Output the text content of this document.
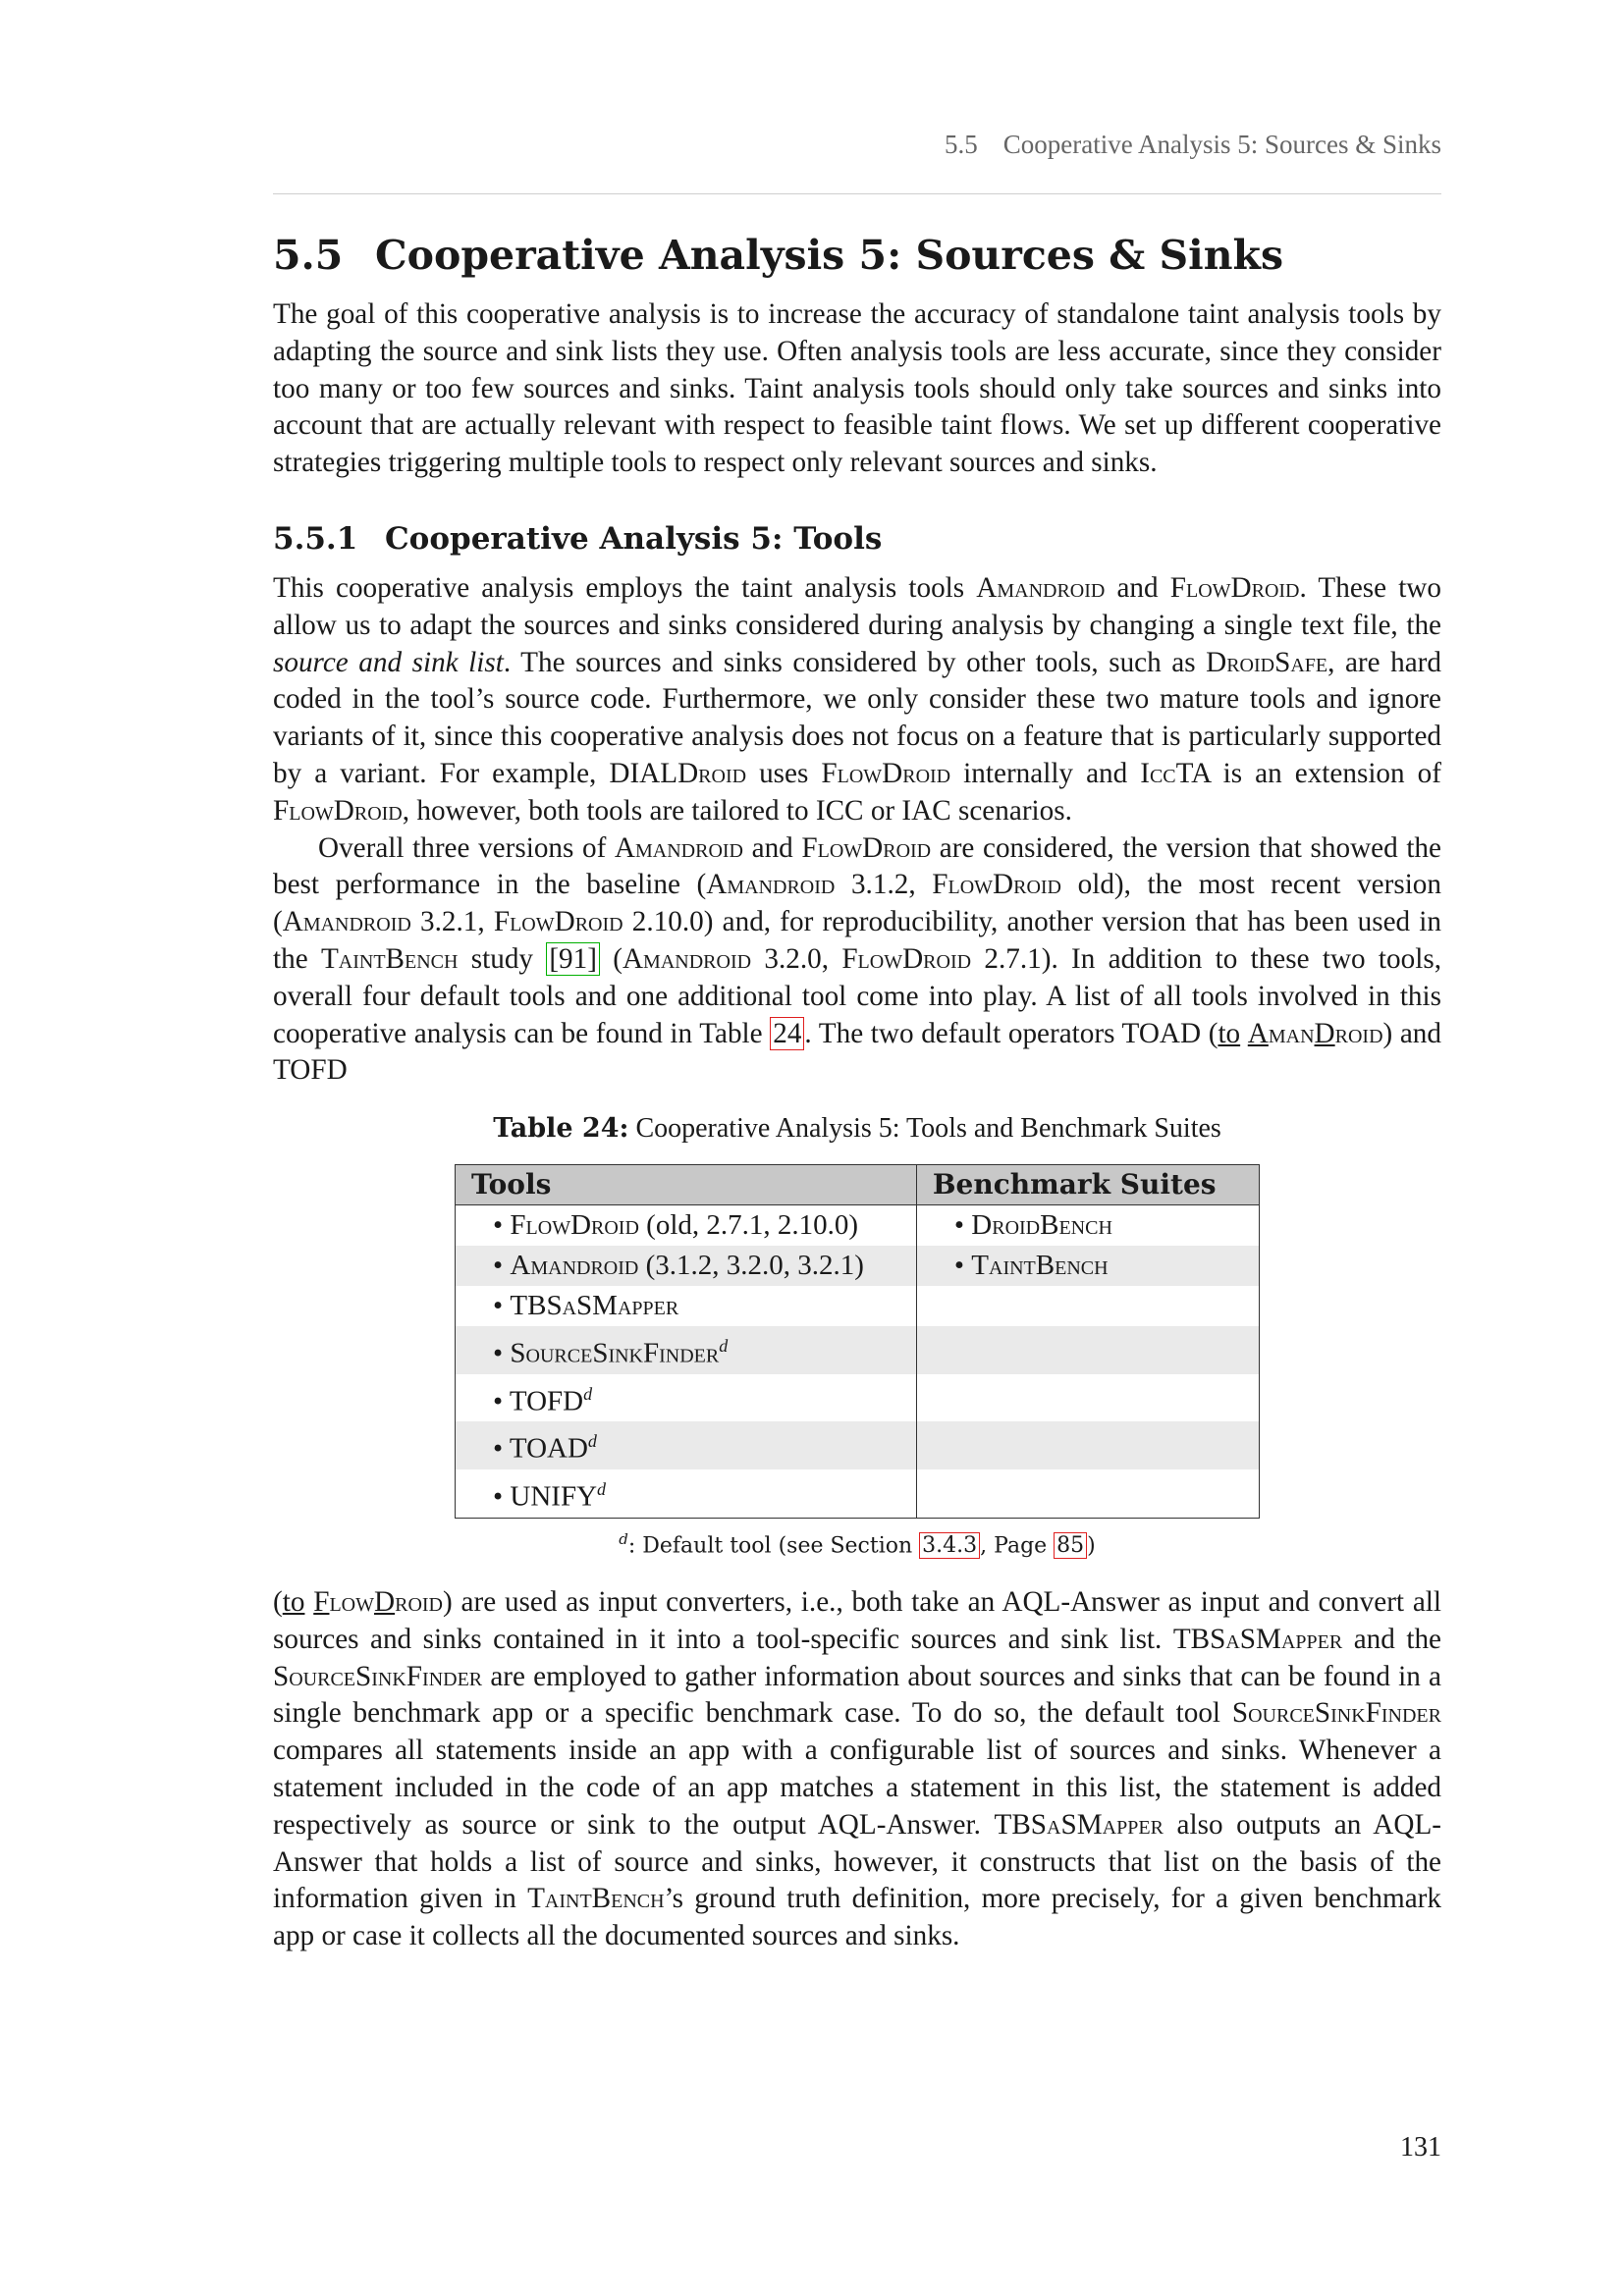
5.5 Cooperative Analysis 5: Sources & Sinks
5.5 Cooperative Analysis 5: Sources & Sinks

The goal of this cooperative analysis is to increase the accuracy of standalone taint analysis tools by adapting the source and sink lists they use. Often analysis tools are less accurate, since they consider too many or too few sources and sinks. Taint analysis tools should only take sources and sinks into account that are actually relevant with respect to feasible taint flows. We set up different cooperative strategies triggering multiple tools to respect only relevant sources and sinks.

5.5.1 Cooperative Analysis 5: Tools

This cooperative analysis employs the taint analysis tools Amandroid and FlowDroid. These two allow us to adapt the sources and sinks considered during analysis by changing a single text file, the source and sink list. The sources and sinks considered by other tools, such as DroidSafe, are hard coded in the tool’s source code. Furthermore, we only consider these two mature tools and ignore variants of it, since this cooperative analysis does not focus on a feature that is particularly supported by a variant. For example, DIALDroid uses FlowDroid internally and IccTA is an extension of FlowDroid, however, both tools are tailored to ICC or IAC scenarios.

Overall three versions of Amandroid and FlowDroid are considered, the version that showed the best performance in the baseline (Amandroid 3.1.2, FlowDroid old), the most recent version (Amandroid 3.2.1, FlowDroid 2.10.0) and, for reproducibility, another version that has been used in the TaintBench study [91] (Amandroid 3.2.0, FlowDroid 2.7.1). In addition to these two tools, overall four default tools and one additional tool come into play. A list of all tools involved in this cooperative analysis can be found in Table 24 . The two default operators TOAD (to AmanDroid) and TOFD

Table 24: Cooperative Analysis 5: Tools and Benchmark Suites
Tools	Benchmark Suites
• FlowDroid (old, 2.7.1, 2.10.0)	• DroidBench
• Amandroid (3.1.2, 3.2.0, 3.2.1)	• TaintBench
• TBSaSMapper	
• SourceSinkFinder$^d$	
• TOFD$^d$	
• TOAD$^d$	
• UNIFY$^d$	
$^d$: Default tool (see Section 3.4.3 , Page 85 )

(to FlowDroid) are used as input converters, i.e., both take an AQL-Answer as input and convert all sources and sinks contained in it into a tool-specific sources and sink list. TBSaSMapper and the SourceSinkFinder are employed to gather information about sources and sinks that can be found in a single benchmark app or a specific benchmark case. To do so, the default tool SourceSinkFinder compares all statements inside an app with a configurable list of sources and sinks. Whenever a statement included in the code of an app matches a statement in this list, the statement is added respectively as source or sink to the output AQL-Answer. TBSaSMapper also outputs an AQL-Answer that holds a list of source and sinks, however, it constructs that list on the basis of the information given in TaintBench’s ground truth definition, more precisely, for a given benchmark app or case it collects all the documented sources and sinks.

131
